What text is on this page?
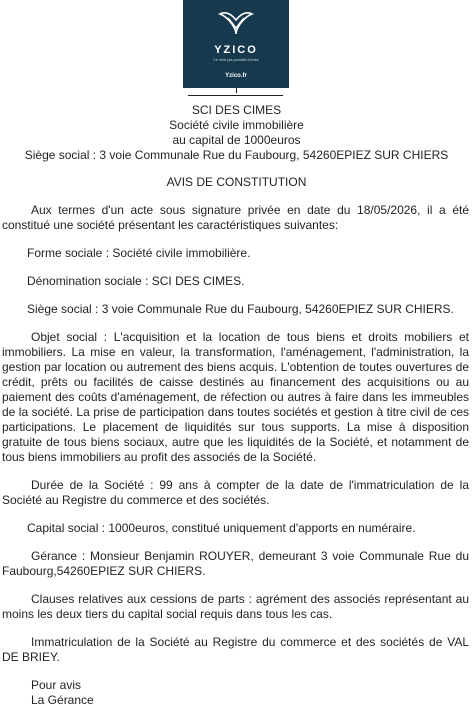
YZICO
Ce n'est pas possible d'écrire
Yzico.fr

SCI DES CIMES

Société civile immobilière

au capital de 1000euros

Siège social : 3 voie Communale Rue du Faubourg, 54260EPIEZ SUR CHIERS

AVIS DE CONSTITUTION

Aux termes d'un acte sous signature privée en date du 18/05/2026, il a été constitué une société présentant les caractéristiques suivantes:

Forme sociale : Société civile immobilière.

Dénomination sociale : SCI DES CIMES.

Siège social : 3 voie Communale Rue du Faubourg, 54260EPIEZ SUR CHIERS.

Objet social : L'acquisition et la location de tous biens et droits mobiliers et immobiliers. La mise en valeur, la transformation, l'aménagement, l'administration, la gestion par location ou autrement des biens acquis. L'obtention de toutes ouvertures de crédit, prêts ou facilités de caisse destinés au financement des acquisitions ou au paiement des coûts d'aménagement, de réfection ou autres à faire dans les immeubles de la société. La prise de participation dans toutes sociétés et gestion à titre civil de ces participations. Le placement de liquidités sur tous supports. La mise à disposition gratuite de tous biens sociaux, autre que les liquidités de la Société, et notamment de tous biens immobiliers au profit des associés de la Société.

Durée de la Société : 99 ans à compter de la date de l'immatriculation de la Société au Registre du commerce et des sociétés.

Capital social : 1000euros, constitué uniquement d'apports en numéraire.

Gérance : Monsieur Benjamin ROUYER, demeurant 3 voie Communale Rue du Faubourg,54260EPIEZ SUR CHIERS.

Clauses relatives aux cessions de parts : agrément des associés représentant au moins les deux tiers du capital social requis dans tous les cas.

Immatriculation de la Société au Registre du commerce et des sociétés de VAL DE BRIEY.

Pour avis
La Gérance
